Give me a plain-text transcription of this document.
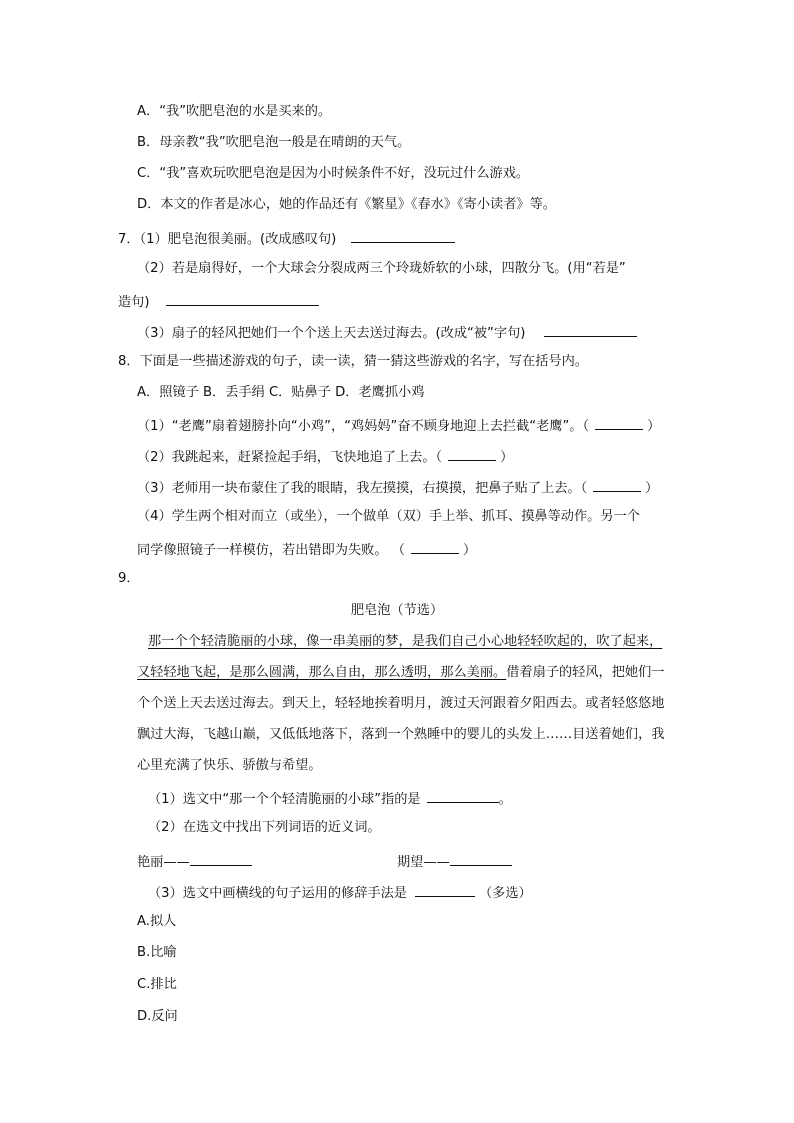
A．“我”吹肥皂泡的水是买来的。
B．母亲教“我”吹肥皂泡一般是在晴朗的天气。
C．“我”喜欢玩吹肥皂泡是因为小时候条件不好，没玩过什么游戏。
D．本文的作者是冰心，她的作品还有《繁星》《春水》《寄小读者》等。
7．（1）肥皂泡很美丽。(改成感叹句)
（2）若是扇得好，一个大球会分裂成两三个玲珑娇软的小球，四散分飞。(用“若是”
造句)
（3）扇子的轻风把她们一个个送上天去送过海去。(改成“被”字句)
8．下面是一些描述游戏的句子，读一读，猜一猜这些游戏的名字，写在括号内。
A．照镜子 B．丢手绢 C．贴鼻子 D．老鹰抓小鸡
（1）“老鹰”扇着翅膀扑向“小鸡”，“鸡妈妈”奋不顾身地迎上去拦截“老鹰”。（	）
（2）我跳起来，赶紧捡起手绢，飞快地追了上去。（	）
（3）老师用一块布蒙住了我的眼睛，我左摸摸，右摸摸，把鼻子贴了上去。（	）
（4）学生两个相对而立（或坐），一个做单（双）手上举、抓耳、摸鼻等动作。另一个
同学像照镜子一样模仿，若出错即为失败。 （	）
9．
肥皂泡（节选）
那一个个轻清脆丽的小球，像一串美丽的梦，是我们自己小心地轻轻吹起的，吹了起来，
又轻轻地飞起，是那么圆满，那么自由，那么透明，那么美丽。借着扇子的轻风，把她们一
个个送上天去送过海去。到天上，轻轻地挨着明月，渡过天河跟着夕阳西去。或者轻悠悠地
飘过大海，飞越山巅，又低低地落下，落到一个熟睡中的婴儿的头发上……目送着她们，我
心里充满了快乐、骄傲与希望。
（1）选文中“那一个个轻清脆丽的小球”指的是	。
（2）在选文中找出下列词语的近义词。
艳丽——	期望——
（3）选文中画横线的句子运用的修辞手法是	（多选）
A.拟人
B.比喻
C.排比
D.反问
